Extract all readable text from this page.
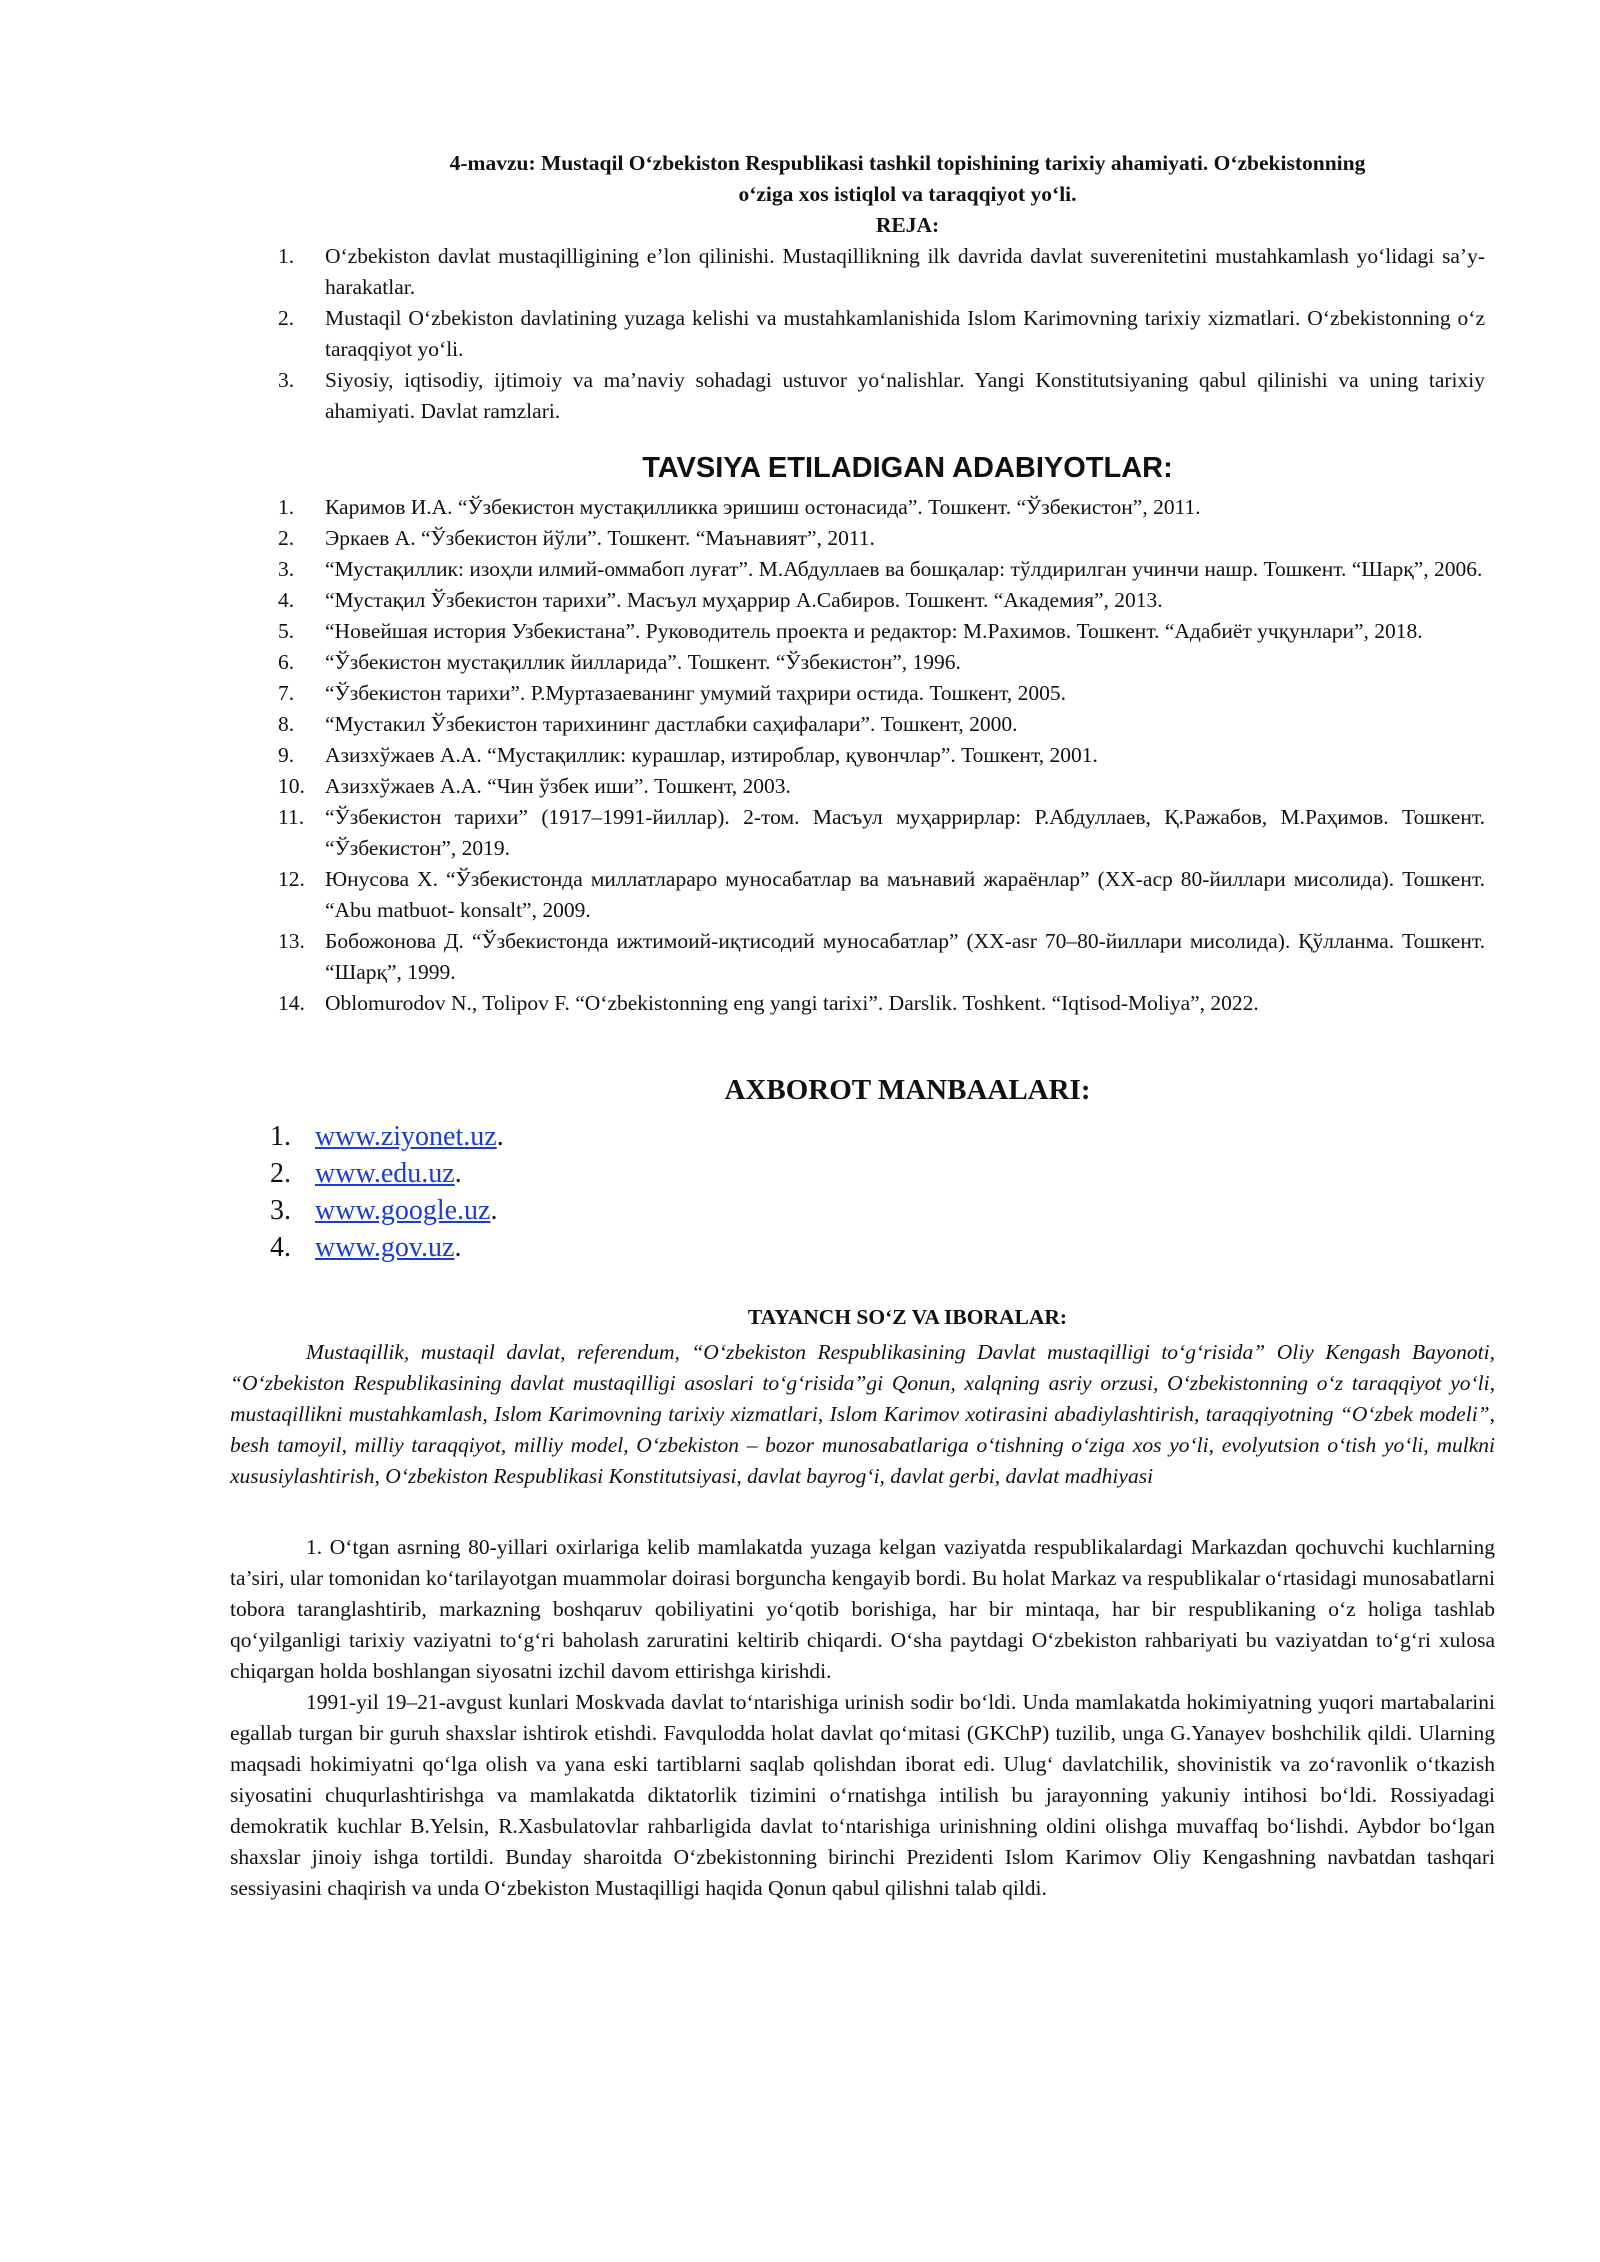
4-mavzu: Mustaqil O‘zbekiston Respublikasi tashkil topishining tarixiy ahamiyati. O‘zbekistonning
o‘ziga xos istiqlol va taraqqiyot yo‘li.
REJA:
1.	O‘zbekiston davlat mustaqilligining e’lon qilinishi. Mustaqillikning ilk davrida davlat suverenitetini mustahkamlash yo‘lidagi sa’y-harakatlar.
2.	Mustaqil O‘zbekiston davlatining yuzaga kelishi va mustahkamlanishida Islom Karimovning tarixiy xizmatlari. O‘zbekistonning o‘z taraqqiyot yo‘li.
3.	Siyosiy, iqtisodiy, ijtimoiy va ma’naviy sohadagi ustuvor yo‘nalishlar. Yangi Konstitutsiyaning qabul qilinishi va uning tarixiy ahamiyati. Davlat ramzlari.
TAVSIYA ETILADIGAN ADABIYOTLAR:
1.	Каримов И.А. “Ўзбекистон мустақилликка эришиш остонасида”. Тошкент. “Ўзбекистон”, 2011.
2.	Эркаев А. “Ўзбекистон йўли”. Тошкент. “Маънавият”, 2011.
3.	“Мустақиллик: изоҳли илмий-оммабоп луғат”. М.Абдуллаев ва бошқалар: тўлдирилган учинчи нашр. Тошкент. “Шарқ”, 2006.
4.	“Мустақил Ўзбекистон тарихи”. Масъул муҳаррир А.Сабиров. Тошкент. “Академия”, 2013.
5.	“Новейшая история Узбекистана”. Руководитель проекта и редактор: М.Рахимов. Тошкент. “Адабиёт учқунлари”, 2018.
6.	“Ўзбекистон мустақиллик йилларида”. Тошкент. “Ўзбекистон”, 1996.
7.	“Ўзбекистон тарихи”. Р.Муртазаеванинг умумий таҳрири остида. Тошкент, 2005.
8.	“Мустакил Ўзбекистон тарихининг дастлабки саҳифалари”. Тошкент, 2000.
9.	Азизхўжаев А.А. “Мустақиллик: курашлар, изтироблар, қувончлар”. Тошкент, 2001.
10. Азизхўжаев А.А. “Чин ўзбек иши”. Тошкент, 2003.
11. “Ўзбекистон тарихи” (1917–1991-йиллар). 2-том. Масъул муҳаррирлар: Р.Абдуллаев, Қ.Ражабов, М.Раҳимов. Тошкент. “Ўзбекистон”, 2019.
12. Юнусова Х. “Ўзбекистонда миллатлараро муносабатлар ва маънавий жараёнлар” (XX-аср 80-йиллари мисолида). Тошкент. “Abu matbuot- konsalt”, 2009.
13. Бобожонова Д. “Ўзбекистонда ижтимоий-иқтисодий муносабатлар” (XX-asr 70–80-йиллари мисолида). Қўлланма. Тошкент. “Шарқ”, 1999.
14. Oblomurodov N., Tolipov F. “O‘zbekistonning eng yangi tarixi”. Darslik. Toshkent. “Iqtisod-Moliya”, 2022.
AXBOROT MANBAALARI:
1. www.ziyonet.uz.
2. www.edu.uz.
3. www.google.uz.
4. www.gov.uz.
TAYANCH SO‘Z VA IBORALAR:

Mustaqillik, mustaqil davlat, referendum, “O‘zbekiston Respublikasining Davlat mustaqilligi to‘g‘risida” Oliy Kengash Bayonoti, “O‘zbekiston Respublikasining davlat mustaqilligi asoslari to‘g‘risida”gi Qonun, xalqning asriy orzusi, O‘zbekistonning o‘z taraqqiyot yo‘li, mustaqillikni mustahkamlash, Islom Karimovning tarixiy xizmatlari, Islom Karimov xotirasini abadiylashtirish, taraqqiyotning “O‘zbek modeli”, besh tamoyil, milliy taraqqiyot, milliy model, O‘zbekiston – bozor munosabatlariga o‘tishning o‘ziga xos yo‘li, evolyutsion o‘tish yo‘li, mulkni xususiylashtirish, O‘zbekiston Respublikasi Konstitutsiyasi, davlat bayrog‘i, davlat gerbi, davlat madhiyasi

1. O‘tgan asrning 80-yillari oxirlariga kelib mamlakatda yuzaga kelgan vaziyatda respublikalardagi Markazdan qochuvchi kuchlarning ta’siri, ular tomonidan ko‘tarilayotgan muammolar doirasi borguncha kengayib bordi. Bu holat Markaz va respublikalar o‘rtasidagi munosabatlarni tobora taranglashtirib, markazning boshqaruv qobiliyatini yo‘qotib borishiga, har bir mintaqa, har bir respublikaning o‘z holiga tashlab qo‘yilganligi tarixiy vaziyatni to‘g‘ri baholash zaruratini keltirib chiqardi. O‘sha paytdagi O‘zbekiston rahbariyati bu vaziyatdan to‘g‘ri xulosa chiqargan holda boshlangan siyosatni izchil davom ettirishga kirishdi.

1991-yil 19–21-avgust kunlari Moskvada davlat to‘ntarishiga urinish sodir bo‘ldi. Unda mamlakatda hokimiyatning yuqori martabalarini egallab turgan bir guruh shaxslar ishtirok etishdi. Favqulodda holat davlat qo‘mitasi (GKChP) tuzilib, unga G.Yanayev boshchilik qildi. Ularning maqsadi hokimiyatni qo‘lga olish va yana eski tartiblarni saqlab qolishdan iborat edi. Ulug‘ davlatchilik, shovinistik va zo‘ravonlik o‘tkazish siyosatini chuqurlashtirishga va mamlakatda diktatorlik tizimini o‘rnatishga intilish bu jarayonning yakuniy intihosi bo‘ldi. Rossiyadagi demokratik kuchlar B.Yelsin, R.Xasbulatovlar rahbarligida davlat to‘ntarishiga urinishning oldini olishga muvaffaq bo‘lishdi. Aybdor bo‘lgan shaxslar jinoiy ishga tortildi. Bunday sharoitda O‘zbekistonning birinchi Prezidenti Islom Karimov Oliy Kengashning navbatdan tashqari sessiyasini chaqirish va unda O‘zbekiston Mustaqilligi haqida Qonun qabul qilishni talab qildi.
